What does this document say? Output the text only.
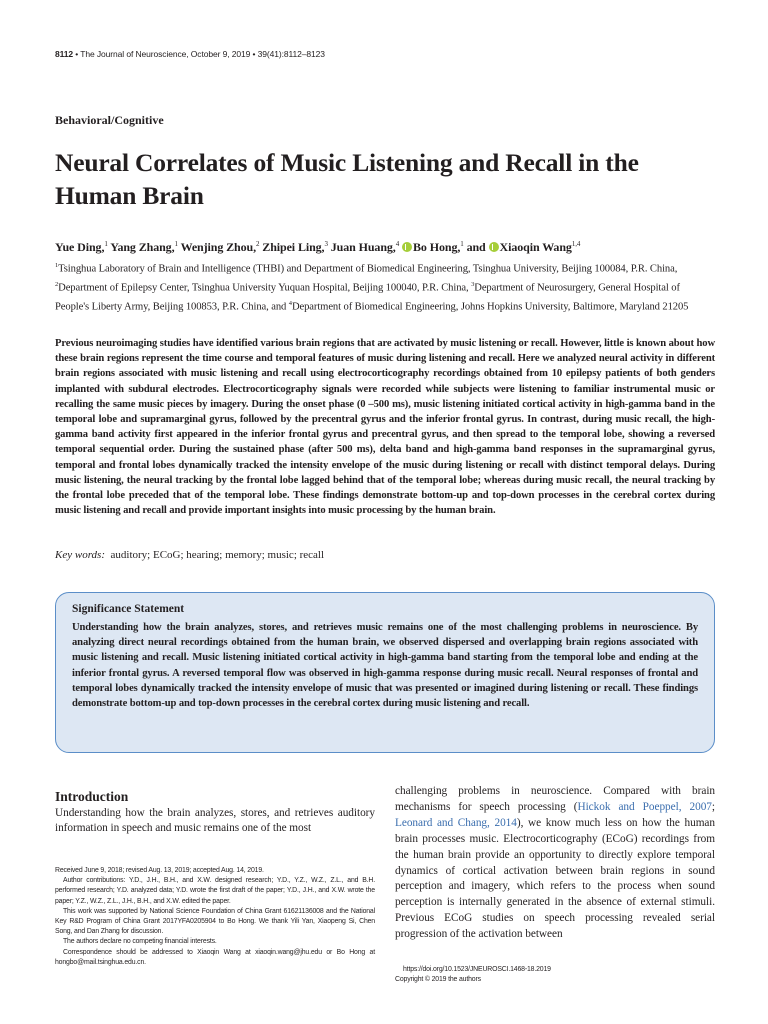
8112 • The Journal of Neuroscience, October 9, 2019 • 39(41):8112–8123
Behavioral/Cognitive
Neural Correlates of Music Listening and Recall in the Human Brain
Yue Ding,$^1$ Yang Zhang,$^1$ Wenjing Zhou,$^2$ Zhipei Ling,$^3$ Juan Huang,$^4$ Bo Hong,$^1$ and Xiaoqin Wang$^{1,4}$
$^1$Tsinghua Laboratory of Brain and Intelligence (THBI) and Department of Biomedical Engineering, Tsinghua University, Beijing 100084, P.R. China, $^2$Department of Epilepsy Center, Tsinghua University Yuquan Hospital, Beijing 100040, P.R. China, $^3$Department of Neurosurgery, General Hospital of People's Liberty Army, Beijing 100853, P.R. China, and $^4$Department of Biomedical Engineering, Johns Hopkins University, Baltimore, Maryland 21205

Previous neuroimaging studies have identified various brain regions that are activated by music listening or recall. However, little is known about how these brain regions represent the time course and temporal features of music during listening and recall. Here we analyzed neural activity in different brain regions associated with music listening and recall using electrocorticography recordings obtained from 10 epilepsy patients of both genders implanted with subdural electrodes. Electrocorticography signals were recorded while subjects were listening to familiar instrumental music or recalling the same music pieces by imagery. During the onset phase (0 –500 ms), music listening initiated cortical activity in high-gamma band in the temporal lobe and supramarginal gyrus, followed by the precentral gyrus and the inferior frontal gyrus. In contrast, during music recall, the high-gamma band activity first appeared in the inferior frontal gyrus and precentral gyrus, and then spread to the temporal lobe, showing a reversed temporal sequential order. During the sustained phase (after 500 ms), delta band and high-gamma band responses in the supramarginal gyrus, temporal and frontal lobes dynamically tracked the intensity envelope of the music during listening or recall with distinct temporal delays. During music listening, the neural tracking by the frontal lobe lagged behind that of the temporal lobe; whereas during music recall, the neural tracking by the frontal lobe preceded that of the temporal lobe. These findings demonstrate bottom-up and top-down processes in the cerebral cortex during music listening and recall and provide important insights into music processing by the human brain.

Key words: auditory; ECoG; hearing; memory; music; recall
Significance Statement

Understanding how the brain analyzes, stores, and retrieves music remains one of the most challenging problems in neuroscience. By analyzing direct neural recordings obtained from the human brain, we observed dispersed and overlapping brain regions associated with music listening and recall. Music listening initiated cortical activity in high-gamma band starting from the temporal lobe and ending at the inferior frontal gyrus. A reversed temporal flow was observed in high-gamma response during music recall. Neural responses of frontal and temporal lobes dynamically tracked the intensity envelope of music that was presented or imagined during listening or recall. These findings demonstrate bottom-up and top-down processes in the cerebral cortex during music listening and recall.

Introduction

Understanding how the brain analyzes, stores, and retrieves auditory information in speech and music remains one of the most

challenging problems in neuroscience. Compared with brain mechanisms for speech processing (Hickok and Poeppel, 2007; Leonard and Chang, 2014), we know much less on how the human brain processes music. Electrocorticography (ECoG) recordings from the human brain provide an opportunity to directly explore temporal dynamics of cortical activation between brain regions in sound perception and imagery, which refers to the process when sound perception is internally generated in the absence of external stimuli. Previous ECoG studies on speech processing revealed serial progression of the activation between

Received June 9, 2018; revised Aug. 13, 2019; accepted Aug. 14, 2019.

Author contributions: Y.D., J.H., B.H., and X.W. designed research; Y.D., Y.Z., W.Z., Z.L., and B.H. performed research; Y.D. analyzed data; Y.D. wrote the first draft of the paper; Y.D., J.H., and X.W. wrote the paper; Y.Z., W.Z., Z.L., J.H., B.H., and X.W. edited the paper.

This work was supported by National Science Foundation of China Grant 61621136008 and the National Key R&D Program of China Grant 2017YFA0205904 to Bo Hong. We thank Yili Yan, Xiaopeng Si, Chen Song, and Dan Zhang for discussion.

The authors declare no competing financial interests.

Correspondence should be addressed to Xiaoqin Wang at xiaoqin.wang@jhu.edu or Bo Hong at hongbo@mail.tsinghua.edu.cn.

https://doi.org/10.1523/JNEUROSCI.1468-18.2019
Copyright © 2019 the authors
